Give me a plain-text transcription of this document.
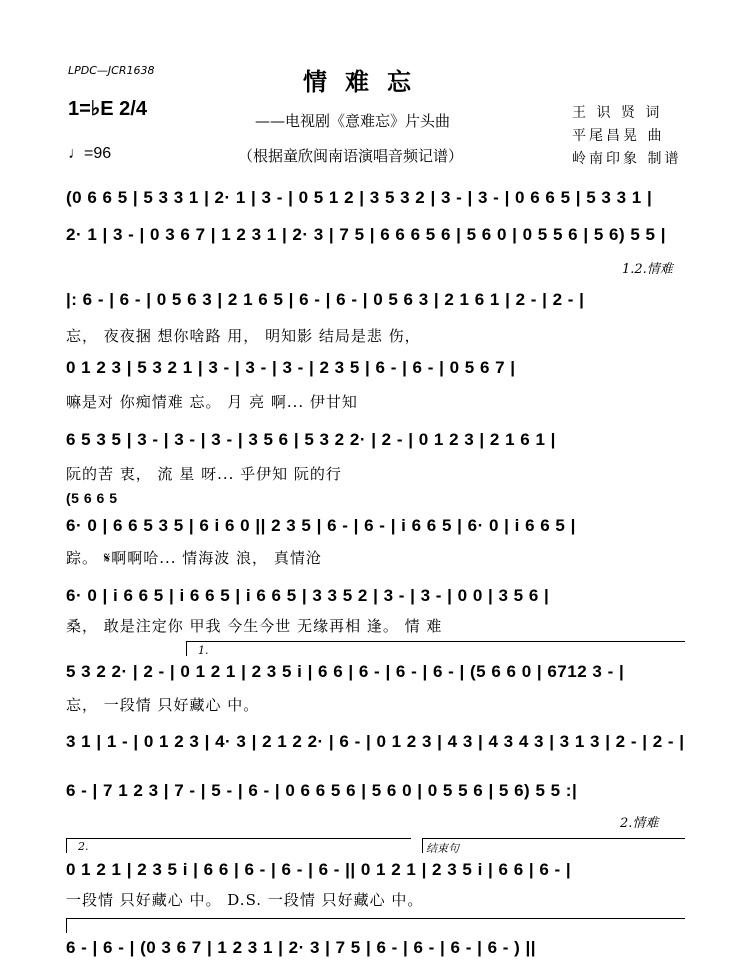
LPDC—JCR1638	情难忘
——电视剧《意难忘》片头曲
（根据童欣闽南语演唱音频记谱）
王 识 贤 词
平尾昌晃 曲
岭南印象 制谱
1=♭E 2/4
♩=96
(0 6 6 5 | 5 3 3 1 | 2· 1 | 3 - | 0 5 1 2 | 3 5 3 2 | 3 - | 3 - | 0 6 6 5 | 5 3 3 1 |
2· 1 | 3 - | 0 3 6 7 | 1 2 3 1 | 2· 3 | 7 5 | 6 6 6 5 6 | 5 6 0 | 0 5 5 6 | 5 6) 5 5 |
1.2.情难
|: 6 - | 6 - | 0 5 6 3 | 2 1 6 5 | 6 - | 6 - | 0 5 6 3 | 2 1 6 1 | 2 - | 2 - |
忘， 夜夜捆 想你啥路 用， 明知影 结局是悲 伤，
0 1 2 3 | 5 3 2 1 | 3 - | 3 - | 3 - | 2 3 5 | 6 - | 6 - | 0 5 6 7 |
嘛是对 你痴情难 忘。 月 亮 啊... 伊甘知
6 5 3 5 | 3 - | 3 - | 3 - | 3 5 6 | 5 3 2 2· | 2 - | 0 1 2 3 | 2 1 6 1 |
阮的苦 衷， 流 星 呀... 乎伊知 阮的行
(5 6 6 5
6· 0 | 6 6 5 3 5 | 6 i 6 0 || 2 3 5 | 6 - | 6 - | i 6 6 5 | 6· 0 | i 6 6 5 |
踪。 𝄋啊啊哈... 情海波 浪， 真情沧
6· 0 | i 6 6 5 | i 6 6 5 | i 6 6 5 | 3 3 5 2 | 3 - | 3 - | 0 0 | 3 5 6 |
桑， 敢是注定你 甲我 今生今世 无缘再相 逢。 情 难
1.
5 3 2 2· | 2 - | 0 1 2 1 | 2 3 5 i | 6 6 | 6 - | 6 - | 6 - | (5 6 6 0 | 6712 3 - |
忘， 一段情 只好藏心 中。
3 1 | 1 - | 0 1 2 3 | 4· 3 | 2 1 2 2· | 6 - | 0 1 2 3 | 4 3 | 4 3 4 3 | 3 1 3 | 2 - | 2 - |
6 - | 7 1 2 3 | 7 - | 5 - | 6 - | 0 6 6 5 6 | 5 6 0 | 0 5 5 6 | 5 6) 5 5 :|
2.情难
2.	结束句
0 1 2 1 | 2 3 5 i | 6 6 | 6 - | 6 - | 6 - || 0 1 2 1 | 2 3 5 i | 6 6 | 6 - |
一段情 只好藏心 中。 D.S. 一段情 只好藏心 中。
6 - | 6 - | (0 3 6 7 | 1 2 3 1 | 2· 3 | 7 5 | 6 - | 6 - | 6 - | 6 - ) ||
